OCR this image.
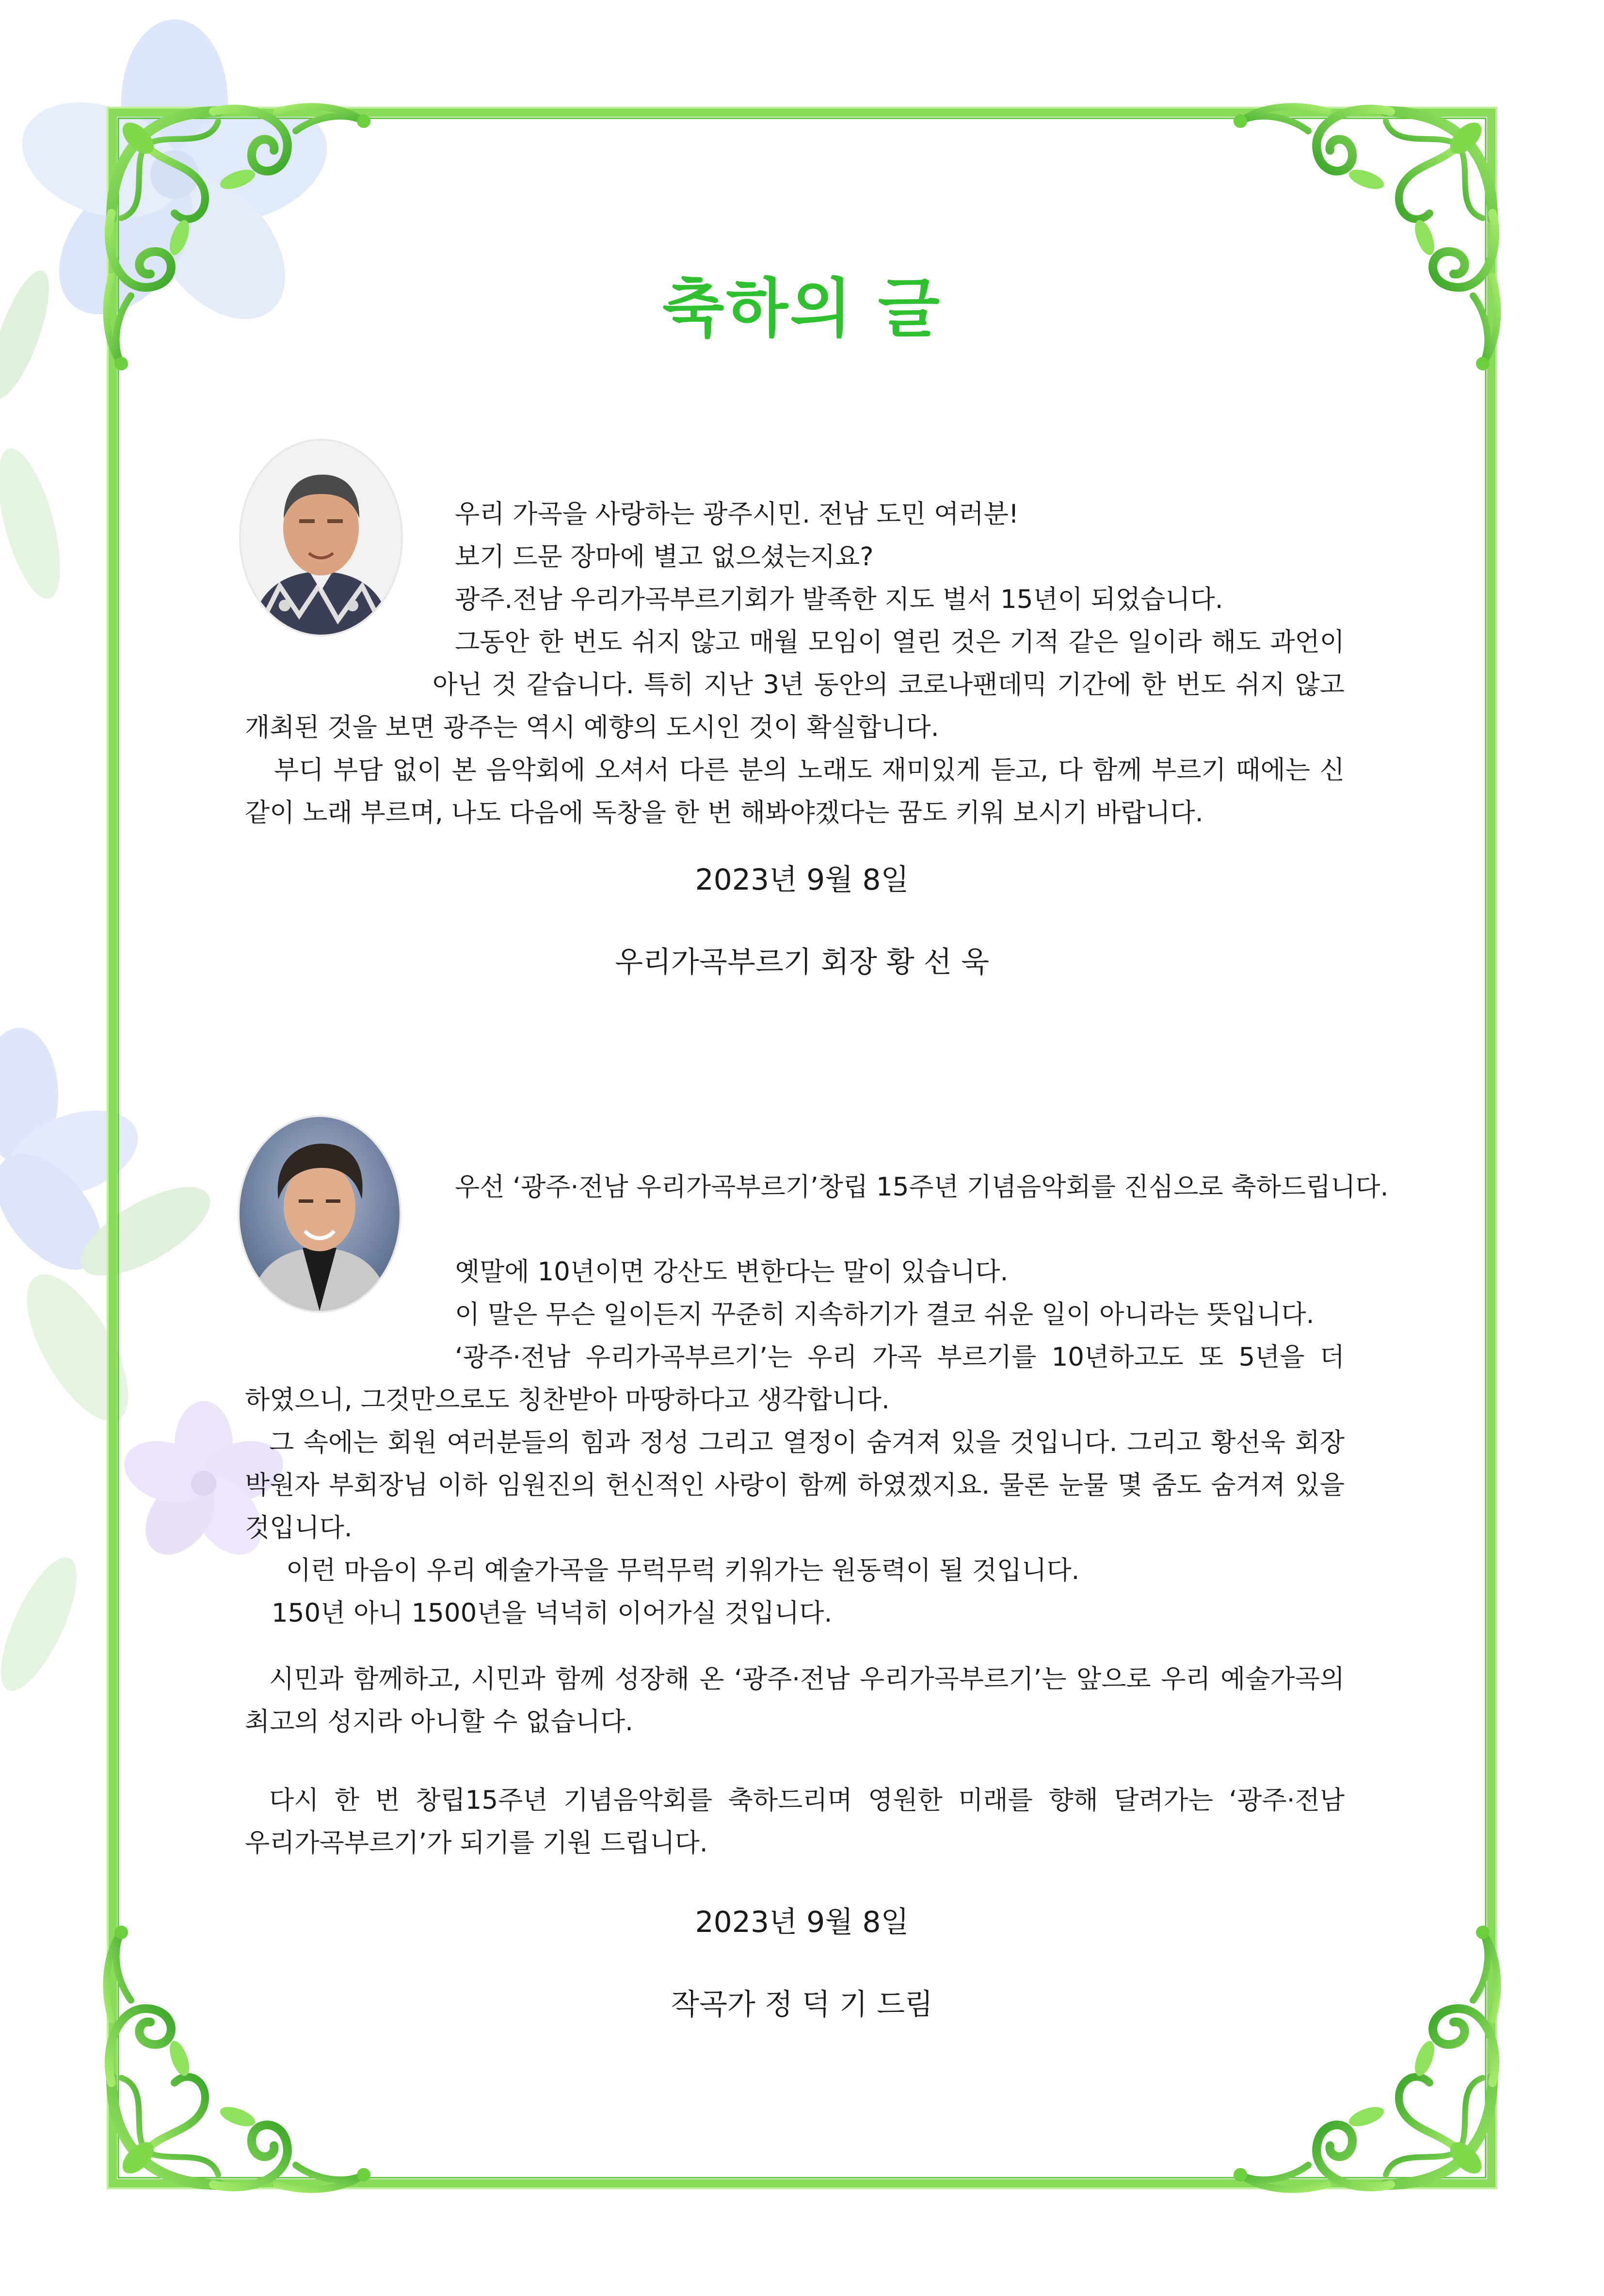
축하의 글
우리 가곡을 사랑하는 광주시민. 전남 도민 여러분!
보기 드문 장마에 별고 없으셨는지요?
광주.전남 우리가곡부르기회가 발족한 지도 벌서 15년이 되었습니다.
그동안 한 번도 쉬지 않고 매월 모임이 열린 것은 기적 같은 일이라 해도 과언이
아닌 것 같습니다. 특히 지난 3년 동안의 코로나팬데믹 기간에 한 번도 쉬지 않고
개최된 것을 보면 광주는 역시 예향의 도시인 것이 확실합니다.
부디 부담 없이 본 음악회에 오셔서 다른 분의 노래도 재미있게 듣고, 다 함께 부르기 때에는 신
같이 노래 부르며, 나도 다음에 독창을 한 번 해봐야겠다는 꿈도 키워 보시기 바랍니다.
2023년 9월 8일
우리가곡부르기 회장 황 선 욱
우선 ‘광주·전남 우리가곡부르기’창립 15주년 기념음악회를 진심으로 축하드립니다.
옛말에 10년이면 강산도 변한다는 말이 있습니다.
이 말은 무슨 일이든지 꾸준히 지속하기가 결코 쉬운 일이 아니라는 뜻입니다.
‘광주·전남 우리가곡부르기’는 우리 가곡 부르기를 10년하고도 또 5년을 더
하였으니, 그것만으로도 칭찬받아 마땅하다고 생각합니다.
그 속에는 회원 여러분들의 힘과 정성 그리고 열정이 숨겨져 있을 것입니다. 그리고 황선욱 회장
박원자 부회장님 이하 임원진의 헌신적인 사랑이 함께 하였겠지요. 물론 눈물 몇 줌도 숨겨져 있을
것입니다.
이런 마음이 우리 예술가곡을 무럭무럭 키워가는 원동력이 될 것입니다.
150년 아니 1500년을 넉넉히 이어가실 것입니다.
시민과 함께하고, 시민과 함께 성장해 온 ‘광주·전남 우리가곡부르기’는 앞으로 우리 예술가곡의
최고의 성지라 아니할 수 없습니다.
다시 한 번 창립15주년 기념음악회를 축하드리며 영원한 미래를 향해 달려가는 ‘광주·전남
우리가곡부르기’가 되기를 기원 드립니다.
2023년 9월 8일
작곡가 정 덕 기 드림
